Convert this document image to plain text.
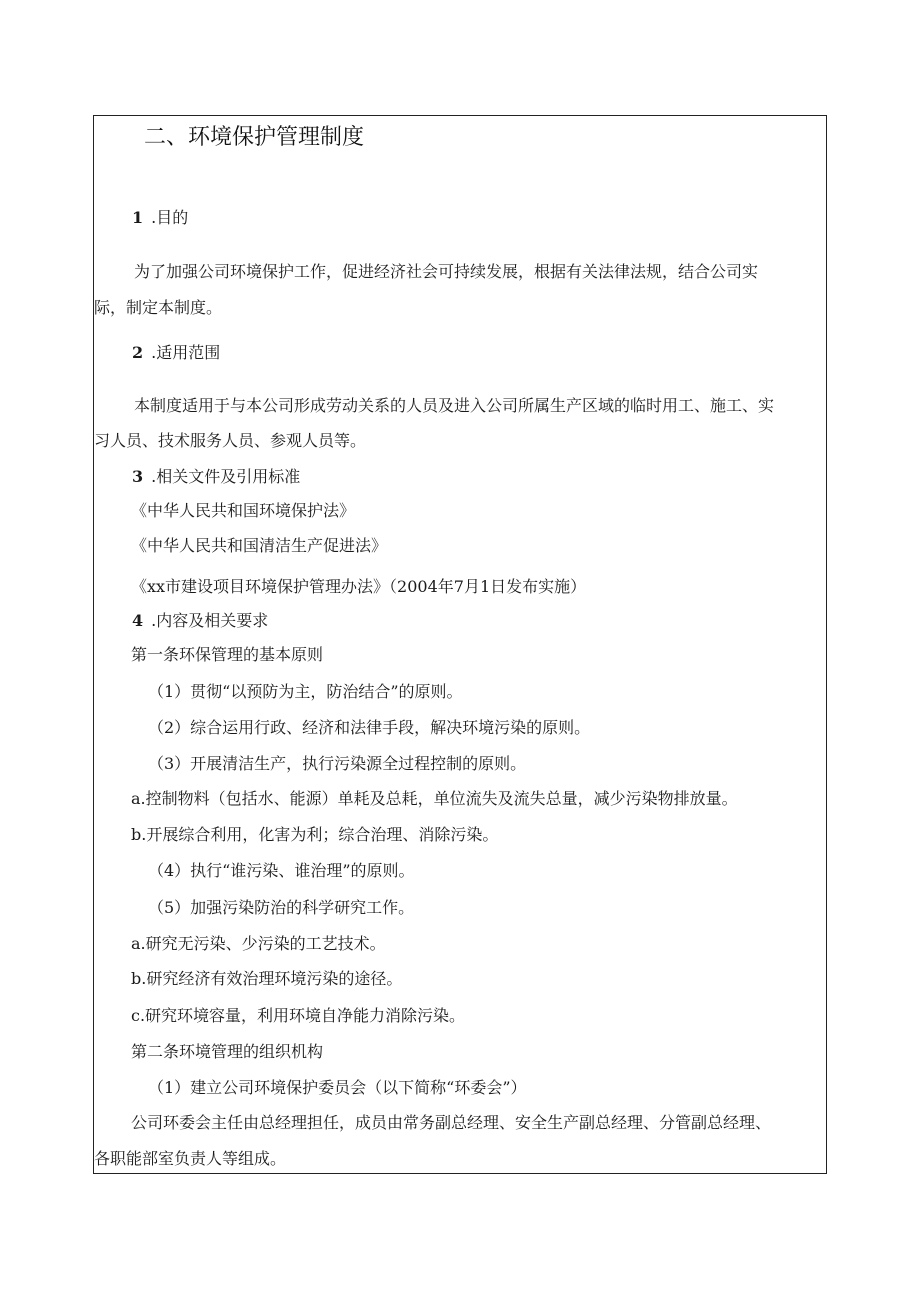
二、环境保护管理制度
1 .目的
为了加强公司环境保护工作，促进经济社会可持续发展，根据有关法律法规，结合公司实
际，制定本制度。
2 .适用范围
本制度适用于与本公司形成劳动关系的人员及进入公司所属生产区域的临时用工、施工、实
习人员、技术服务人员、参观人员等。
3 .相关文件及引用标准
《中华人民共和国环境保护法》
《中华人民共和国清洁生产促进法》
《xx市建设项目环境保护管理办法》（2004年7月1日发布实施）
4 .内容及相关要求
第一条环保管理的基本原则
（1）贯彻“以预防为主，防治结合”的原则。
（2）综合运用行政、经济和法律手段，解决环境污染的原则。
（3）开展清洁生产，执行污染源全过程控制的原则。
a.控制物料（包括水、能源）单耗及总耗，单位流失及流失总量，减少污染物排放量。
b.开展综合利用，化害为利；综合治理、消除污染。
（4）执行“谁污染、谁治理”的原则。
（5）加强污染防治的科学研究工作。
a.研究无污染、少污染的工艺技术。
b.研究经济有效治理环境污染的途径。
c.研究环境容量，利用环境自净能力消除污染。
第二条环境管理的组织机构
（1）建立公司环境保护委员会（以下简称“环委会”）
公司环委会主任由总经理担任，成员由常务副总经理、安全生产副总经理、分管副总经理、
各职能部室负责人等组成。
